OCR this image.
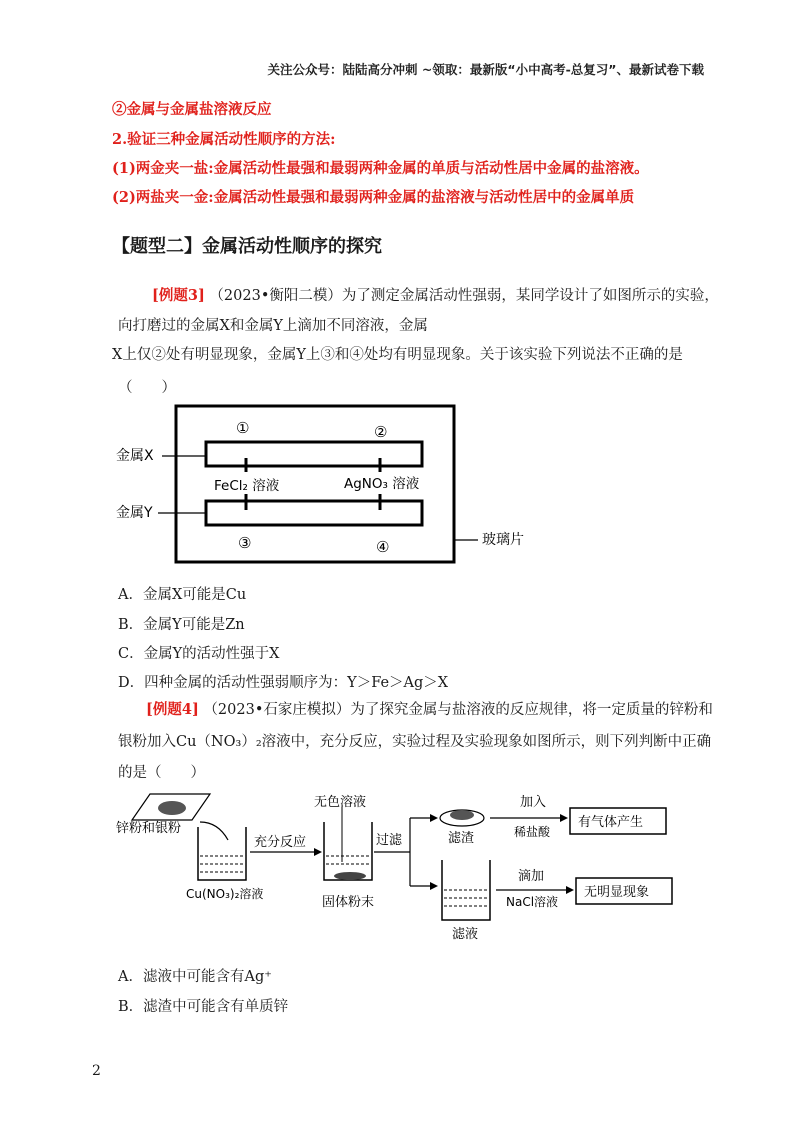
关注公众号：陆陆高分冲刺 ~领取：最新版“小中高考-总复习”、最新试卷下载
②金属与金属盐溶液反应
2.验证三种金属活动性顺序的方法:
(1)两金夹一盐:金属活动性最强和最弱两种金属的单质与活动性居中金属的盐溶液。
(2)两盐夹一金:金属活动性最强和最弱两种金属的盐溶液与活动性居中的金属单质
【题型二】金属活动性顺序的探究
[例题3] （2023•衡阳二模）为了测定金属活动性强弱，某同学设计了如图所示的实验，
向打磨过的金属X和金属Y上滴加不同溶液，金属
X上仅②处有明显现象，金属Y上③和④处均有明显现象。关于该实验下列说法不正确的是
（　　）
①	②
③	④
金属X
金属Y
FeCl₂ 溶液	AgNO₃ 溶液
玻璃片
A．金属X可能是Cu
B．金属Y可能是Zn
C．金属Y的活动性强于X
D．四种金属的活动性强弱顺序为：Y＞Fe＞Ag＞X
[例题4] （2023•石家庄模拟）为了探究金属与盐溶液的反应规律，将一定质量的锌粉和
银粉加入Cu（NO₃）₂溶液中，充分反应，实验过程及实验现象如图所示，则下列判断中正确
的是（　　）
锌粉和银粉
Cu(NO₃)₂溶液
充分反应
无色溶液
固体粉末
过滤	滤渣
加入
稀盐酸
有气体产生
滤液
滴加
NaCl溶液
无明显现象
A．滤液中可能含有Ag⁺
B．滤渣中可能含有单质锌
2
